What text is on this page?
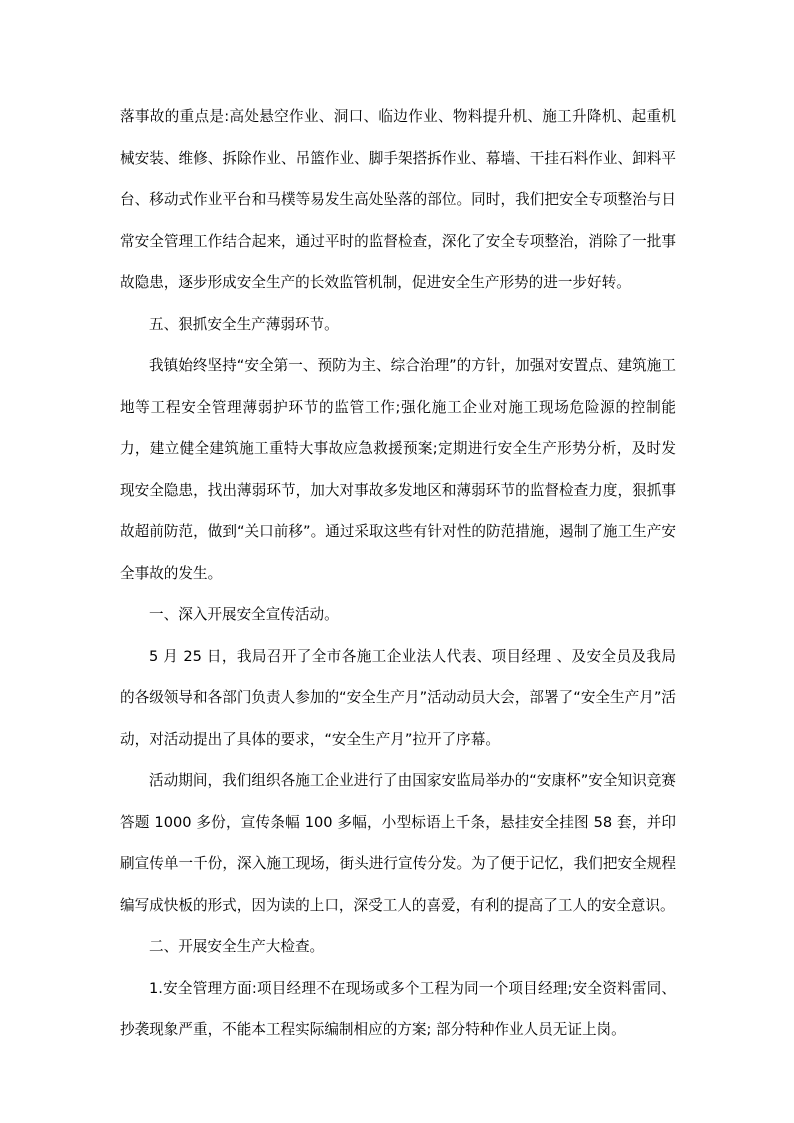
落事故的重点是:高处悬空作业、洞口、临边作业、物料提升机、施工升降机、起重机械安装、维修、拆除作业、吊篮作业、脚手架搭拆作业、幕墙、干挂石料作业、卸料平台、移动式作业平台和马樸等易发生高处坠落的部位。同时，我们把安全专项整治与日常安全管理工作结合起来，通过平时的监督检查，深化了安全专项整治，消除了一批事故隐患，逐步形成安全生产的长效监管机制，促进安全生产形势的进一步好转。

五、狠抓安全生产薄弱环节。

我镇始终坚持“安全第一、预防为主、综合治理”的方针，加强对安置点、建筑施工地等工程安全管理薄弱护环节的监管工作;强化施工企业对施工现场危险源的控制能力，建立健全建筑施工重特大事故应急救援预案;定期进行安全生产形势分析，及时发现安全隐患，找出薄弱环节，加大对事故多发地区和薄弱环节的监督检查力度，狠抓事故超前防范，做到“关口前移”。通过采取这些有针对性的防范措施，遏制了施工生产安全事故的发生。

一、深入开展安全宣传活动。

5 月 25 日，我局召开了全市各施工企业法人代表、项目经理 、及安全员及我局的各级领导和各部门负责人参加的“安全生产月”活动动员大会，部署了“安全生产月”活动，对活动提出了具体的要求，“安全生产月”拉开了序幕。

活动期间，我们组织各施工企业进行了由国家安监局举办的“安康杯”安全知识竞赛答题 1000 多份，宣传条幅 100 多幅，小型标语上千条，悬挂安全挂图 58 套，并印刷宣传单一千份，深入施工现场，街头进行宣传分发。为了便于记忆，我们把安全规程编写成快板的形式，因为读的上口，深受工人的喜爱，有利的提高了工人的安全意识。

二、开展安全生产大检查。

1.安全管理方面:项目经理不在现场或多个工程为同一个项目经理;安全资料雷同、抄袭现象严重，不能本工程实际编制相应的方案; 部分特种作业人员无证上岗。
